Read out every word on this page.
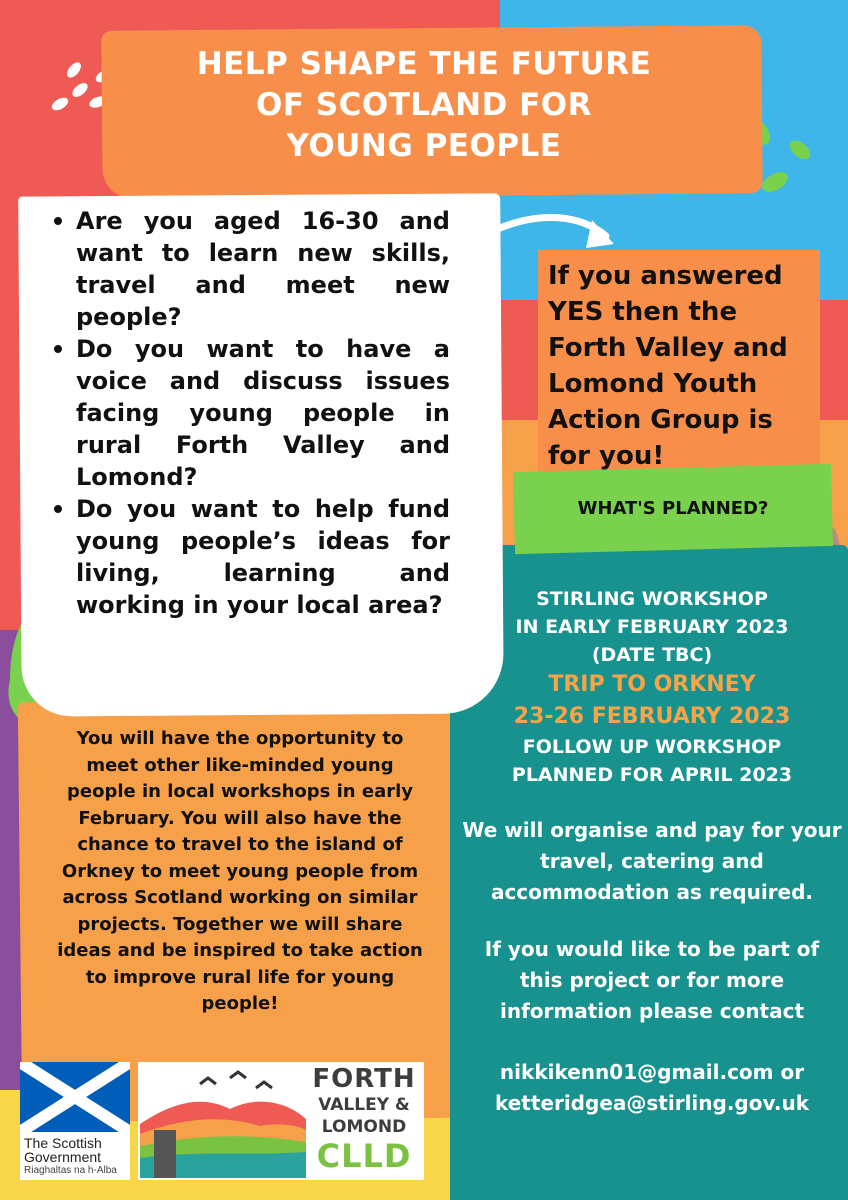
HELP SHAPE THE FUTURE
OF SCOTLAND FOR
YOUNG PEOPLE
Are you aged 16-30 and want to learn new skills, travel and meet new people?
Do you want to have a voice and discuss issues facing young people in rural Forth Valley and Lomond?
Do you want to help fund young people’s ideas for living, learning and working in your local area?
If you answered YES then the Forth Valley and Lomond Youth Action Group is for you!
WHAT'S PLANNED?
STIRLING WORKSHOP
IN EARLY FEBRUARY 2023
(DATE TBC)
TRIP TO ORKNEY
23-26 FEBRUARY 2023
FOLLOW UP WORKSHOP
PLANNED FOR APRIL 2023
We will organise and pay for your travel, catering and accommodation as required.
If you would like to be part of this project or for more information please contact
nikkikenn01@gmail.com or
ketteridgea@stirling.gov.uk
You will have the opportunity to meet other like-minded young people in local workshops in early February. You will also have the chance to travel to the island of Orkney to meet young people from across Scotland working on similar projects. Together we will share ideas and be inspired to take action to improve rural life for young people!
The Scottish
Government
Riaghaltas na h-Alba
FORTH
VALLEY &
LOMOND
CLLD
